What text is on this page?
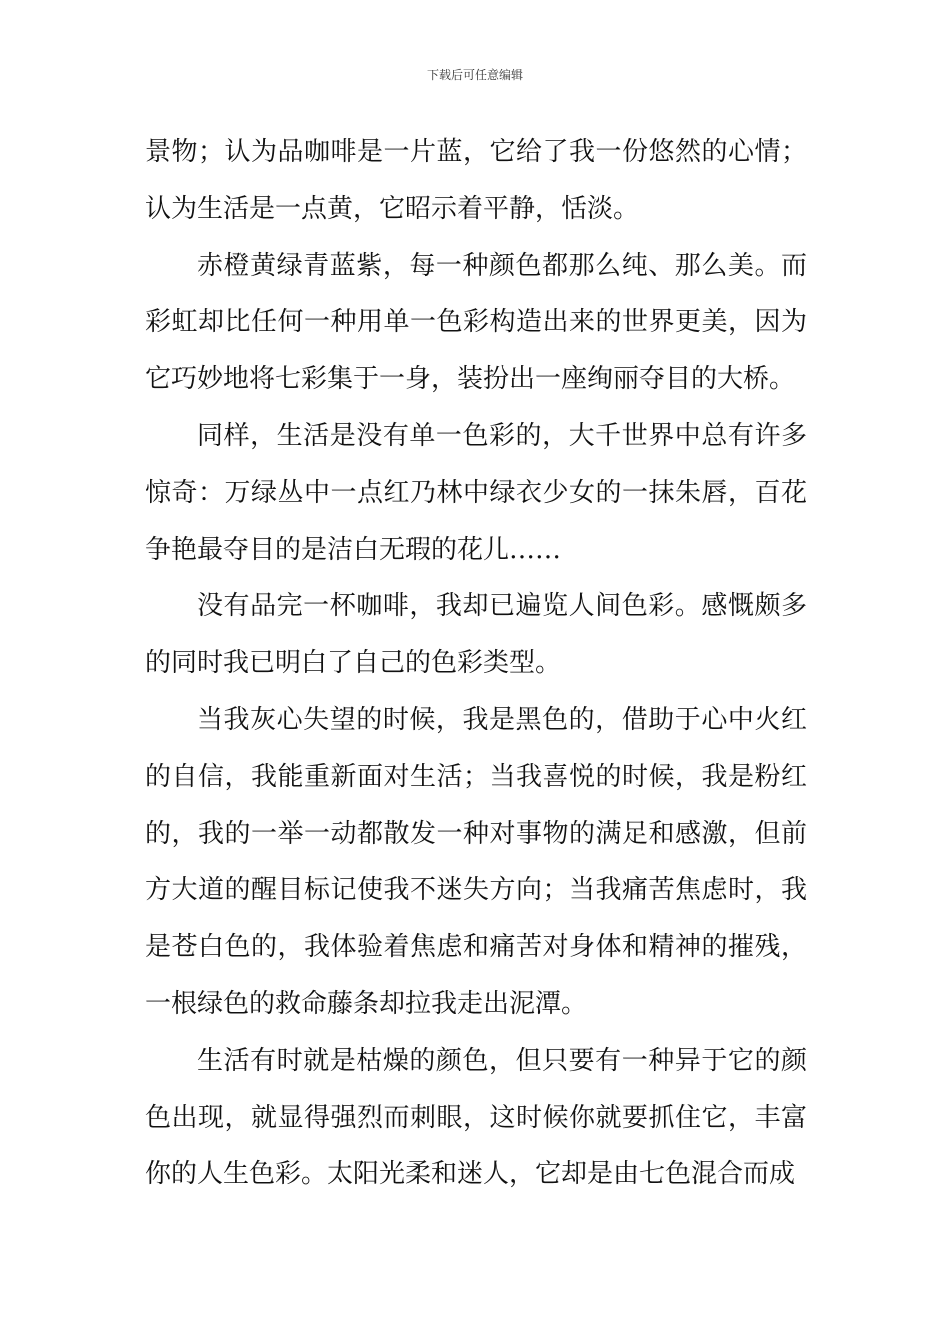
下载后可任意编辑

景物；认为品咖啡是一片蓝，它给了我一份悠然的心情；认为生活是一点黄，它昭示着平静，恬淡。

赤橙黄绿青蓝紫，每一种颜色都那么纯、那么美。而彩虹却比任何一种用单一色彩构造出来的世界更美，因为它巧妙地将七彩集于一身，装扮出一座绚丽夺目的大桥。

同样，生活是没有单一色彩的，大千世界中总有许多惊奇：万绿丛中一点红乃林中绿衣少女的一抹朱唇，百花争艳最夺目的是洁白无瑕的花儿……

没有品完一杯咖啡，我却已遍览人间色彩。感慨颇多的同时我已明白了自己的色彩类型。

当我灰心失望的时候，我是黑色的，借助于心中火红的自信，我能重新面对生活；当我喜悦的时候，我是粉红的，我的一举一动都散发一种对事物的满足和感激，但前方大道的醒目标记使我不迷失方向；当我痛苦焦虑时，我是苍白色的，我体验着焦虑和痛苦对身体和精神的摧残，一根绿色的救命藤条却拉我走出泥潭。

生活有时就是枯燥的颜色，但只要有一种异于它的颜色出现，就显得强烈而刺眼，这时候你就要抓住它，丰富你的人生色彩。太阳光柔和迷人，它却是由七色混合而成
